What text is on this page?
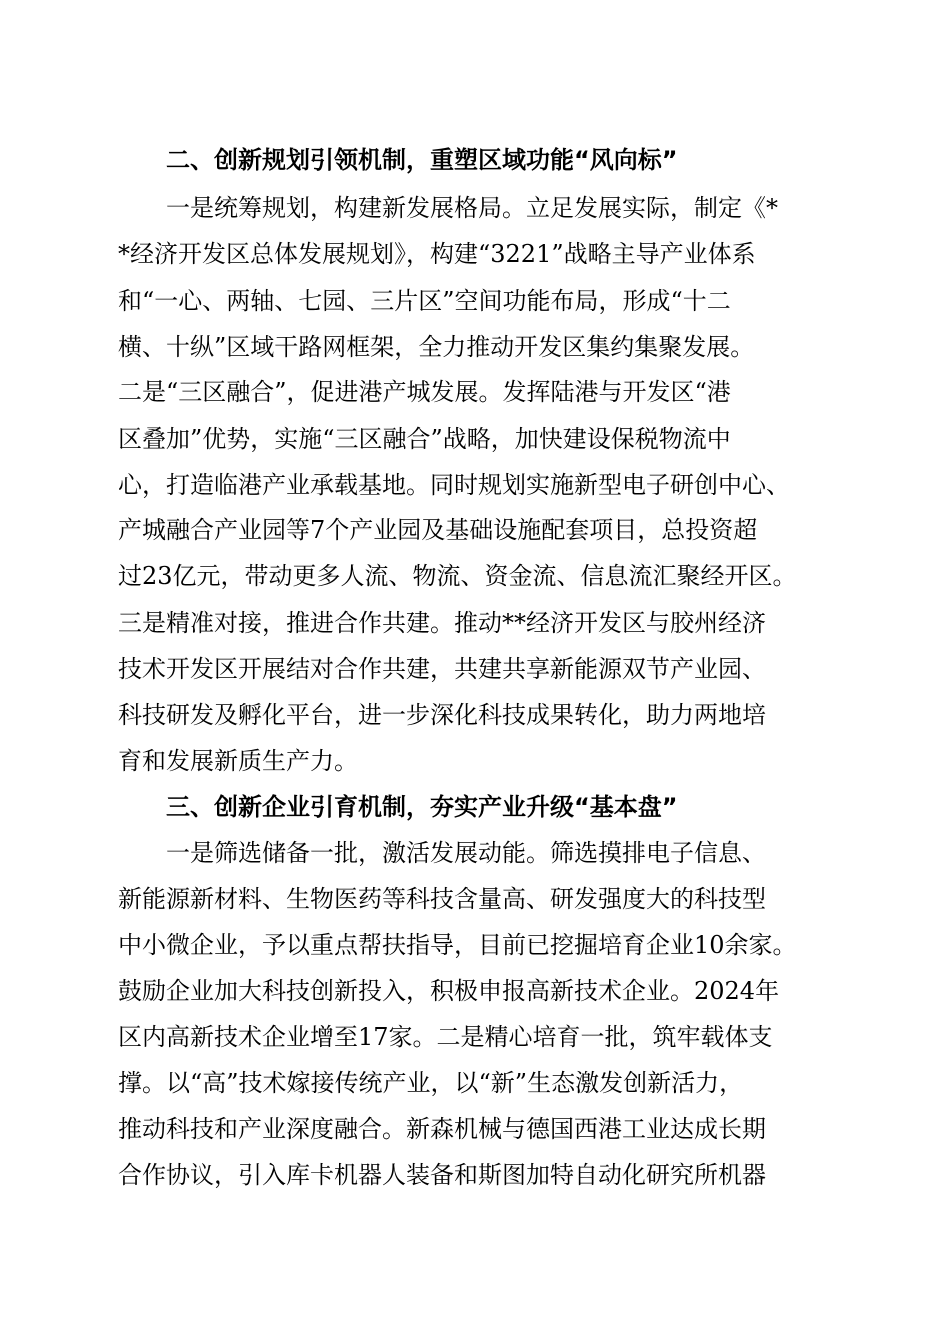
二、创新规划引领机制，重塑区域功能“风向标”
一是统筹规划，构建新发展格局。立足发展实际，制定《*
*经济开发区总体发展规划》，构建“3221”战略主导产业体系
和“一心、两轴、七园、三片区”空间功能布局，形成“十二
横、十纵”区域干路网框架，全力推动开发区集约集聚发展。
二是“三区融合”，促进港产城发展。发挥陆港与开发区“港
区叠加”优势，实施“三区融合”战略，加快建设保税物流中
心，打造临港产业承载基地。同时规划实施新型电子研创中心、
产城融合产业园等7个产业园及基础设施配套项目，总投资超
过23亿元，带动更多人流、物流、资金流、信息流汇聚经开区。
三是精准对接，推进合作共建。推动**经济开发区与胶州经济
技术开发区开展结对合作共建，共建共享新能源双节产业园、
科技研发及孵化平台，进一步深化科技成果转化，助力两地培
育和发展新质生产力。
三、创新企业引育机制，夯实产业升级“基本盘”
一是筛选储备一批，激活发展动能。筛选摸排电子信息、
新能源新材料、生物医药等科技含量高、研发强度大的科技型
中小微企业，予以重点帮扶指导，目前已挖掘培育企业10余家。
鼓励企业加大科技创新投入，积极申报高新技术企业。2024年
区内高新技术企业增至17家。二是精心培育一批，筑牢载体支
撑。以“高”技术嫁接传统产业，以“新”生态激发创新活力，
推动科技和产业深度融合。新森机械与德国西港工业达成长期
合作协议，引入库卡机器人装备和斯图加特自动化研究所机器
